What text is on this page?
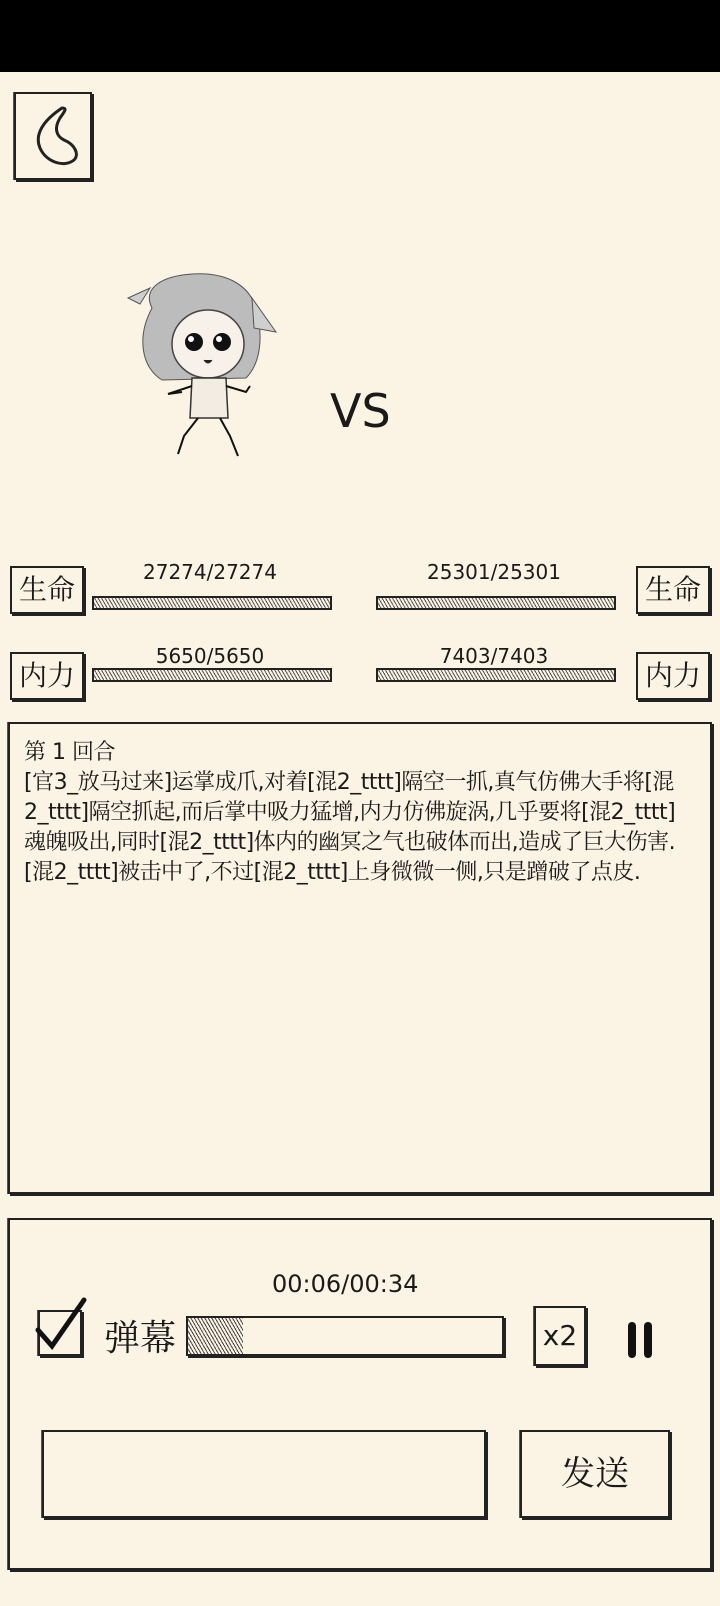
VS
生命
27274/27274	25301/25301
生命
内力
5650/5650	7403/7403
内力

第 1 回合

[官3_放马过来]运掌成爪,对着[混2_tttt]隔空一抓,真气仿佛大手将[混2_tttt]隔空抓起,而后掌中吸力猛增,内力仿佛旋涡,几乎要将[混2_tttt]魂魄吸出,同时[混2_tttt]体内的幽冥之气也破体而出,造成了巨大伤害.

[混2_tttt]被击中了,不过[混2_tttt]上身微微一侧,只是蹭破了点皮.

00:06/00:34
弹幕	x2
发送
